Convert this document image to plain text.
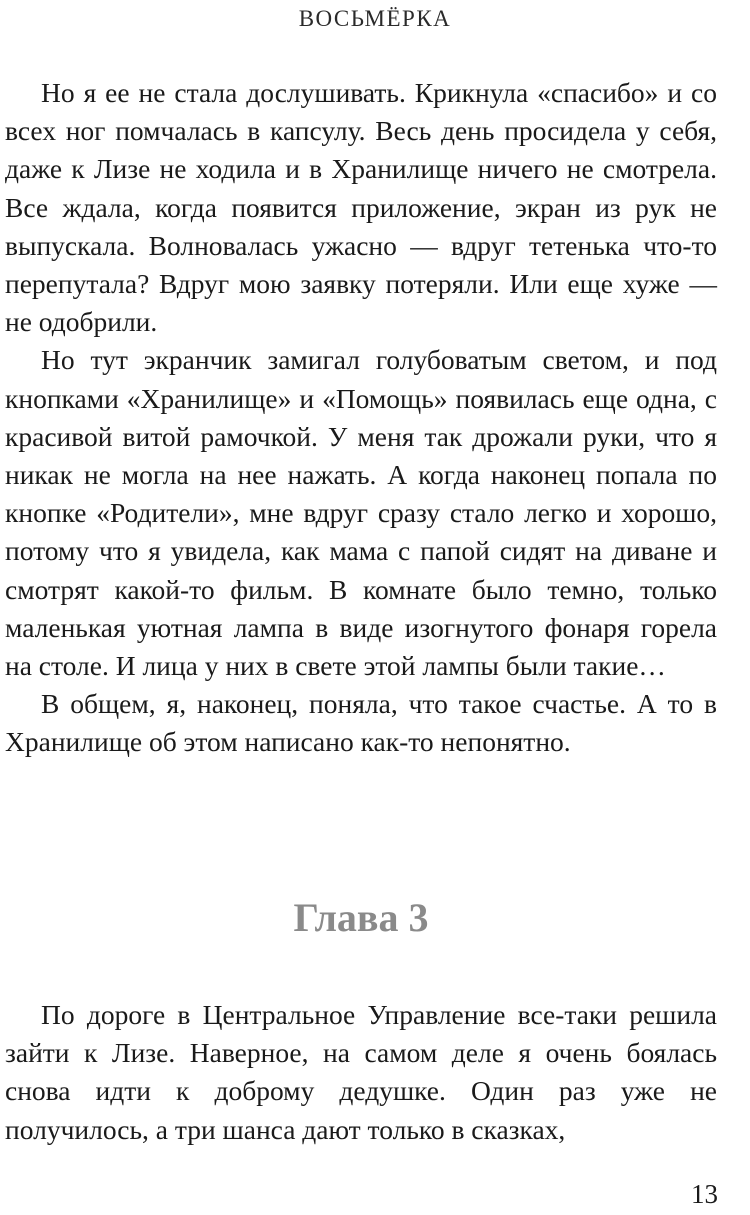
ВОСЬМЁРКА

Но я ее не стала дослушивать. Крикнула «спасибо» и со всех ног помчалась в капсулу. Весь день просидела у себя, даже к Лизе не ходила и в Хранилище ничего не смотрела. Все ждала, когда появится приложение, экран из рук не выпускала. Волновалась ужасно — вдруг тетенька что-то перепутала? Вдруг мою заявку потеряли. Или еще хуже — не одобрили.

Но тут экранчик замигал голубоватым светом, и под кнопками «Хранилище» и «Помощь» появилась еще одна, с красивой витой рамочкой. У меня так дрожали руки, что я никак не могла на нее нажать. А когда наконец попала по кнопке «Родители», мне вдруг сразу стало легко и хорошо, потому что я увидела, как мама с папой сидят на диване и смотрят какой-то фильм. В комнате было темно, только маленькая уютная лампа в виде изогнутого фонаря горела на столе. И лица у них в свете этой лампы были такие…

В общем, я, наконец, поняла, что такое счастье. А то в Хранилище об этом написано как-то непонятно.

Глава 3

По дороге в Центральное Управление все-таки решила зайти к Лизе. Наверное, на самом деле я очень боялась снова идти к доброму дедушке. Один раз уже не получилось, а три шанса дают только в сказках,

13
